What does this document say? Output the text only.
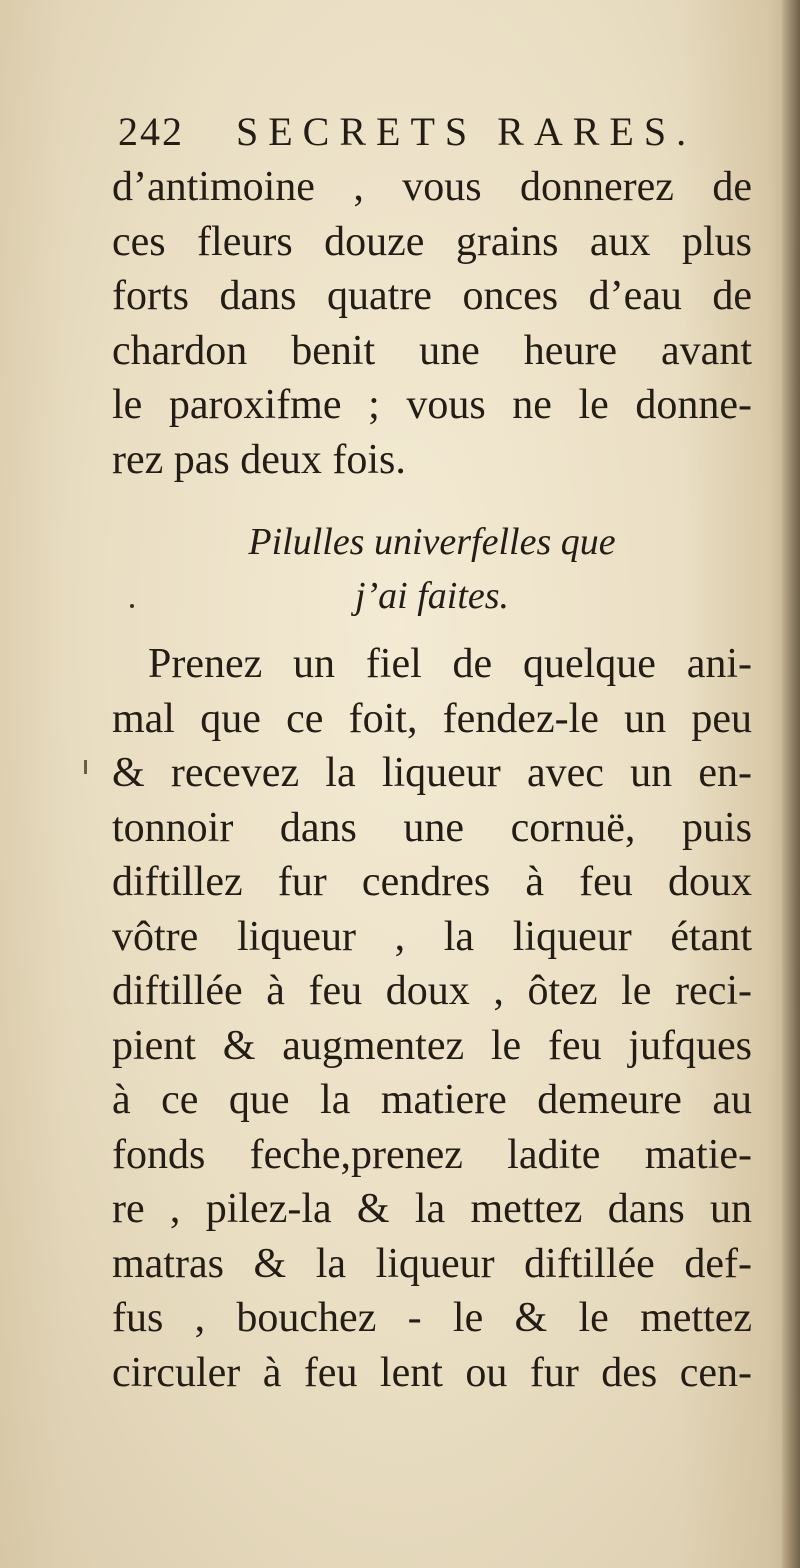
242 SECRETS RARES.
d’antimoine , vous donnerez de
ces fleurs douze grains aux plus
forts dans quatre onces d’eau de
chardon benit une heure avant
le paroxifme ; vous ne le donne-
rez pas deux fois.
Pilulles univerfelles que
j’ai faites.
Prenez un fiel de quelque ani-
mal que ce foit, fendez-le un peu
& recevez la liqueur avec un en-
tonnoir dans une cornuë, puis
diftillez fur cendres à feu doux
vôtre liqueur , la liqueur étant
diftillée à feu doux , ôtez le reci-
pient & augmentez le feu jufques
à ce que la matiere demeure au
fonds feche,prenez ladite matie-
re , pilez-la & la mettez dans un
matras & la liqueur diftillée def-
fus , bouchez - le & le mettez
circuler à feu lent ou fur des cen-
